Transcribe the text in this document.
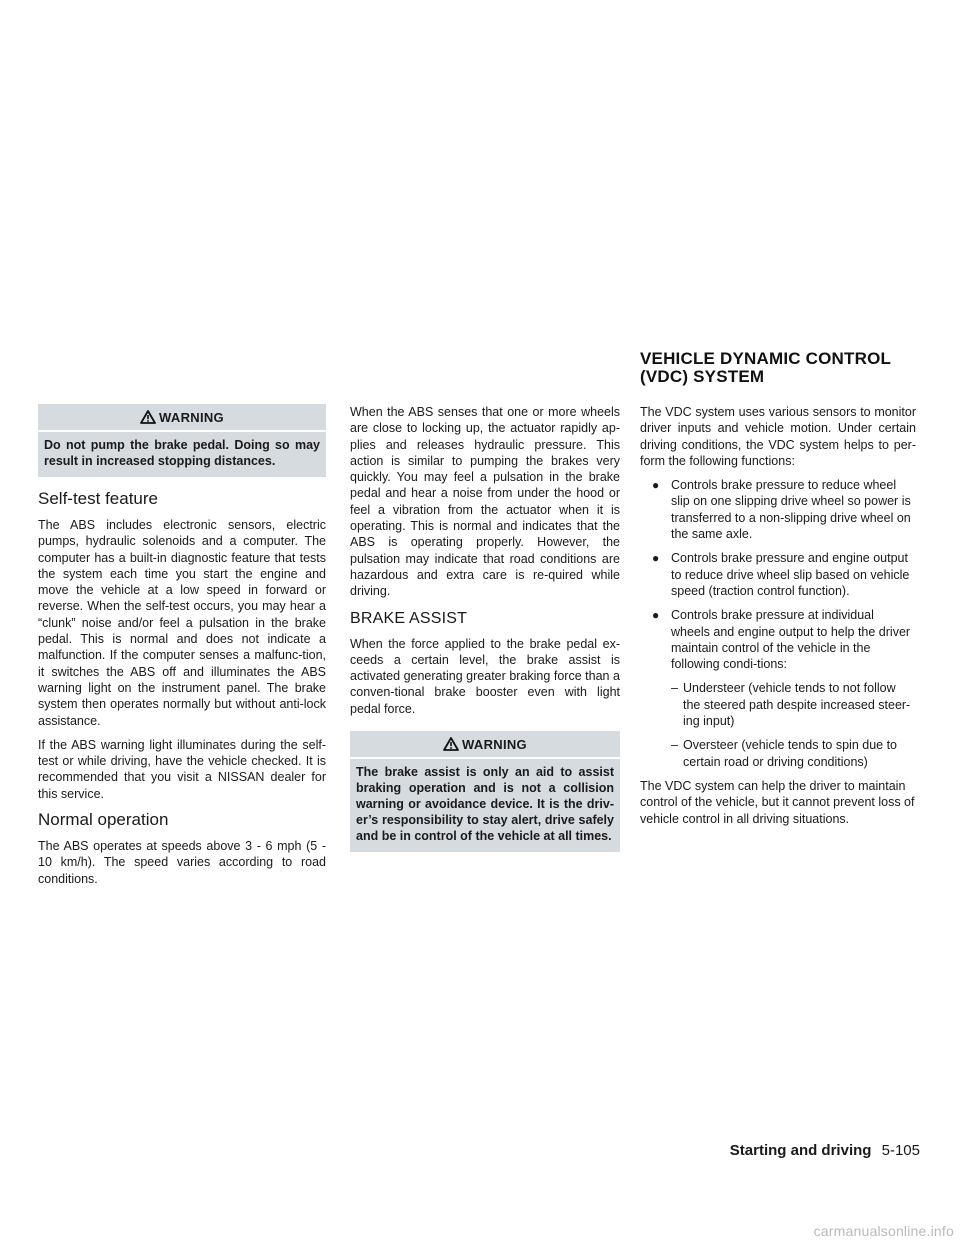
VEHICLE DYNAMIC CONTROL (VDC) SYSTEM
WARNING
Do not pump the brake pedal. Doing so may result in increased stopping distances.
Self-test feature

The ABS includes electronic sensors, electric pumps, hydraulic solenoids and a computer. The computer has a built-in diagnostic feature that tests the system each time you start the engine and move the vehicle at a low speed in forward or reverse. When the self-test occurs, you may hear a “clunk” noise and/or feel a pulsation in the brake pedal. This is normal and does not indicate a malfunction. If the computer senses a malfunc-tion, it switches the ABS off and illuminates the ABS warning light on the instrument panel. The brake system then operates normally but without anti-lock assistance.

If the ABS warning light illuminates during the self-test or while driving, have the vehicle checked. It is recommended that you visit a NISSAN dealer for this service.

Normal operation

The ABS operates at speeds above 3 - 6 mph (5 - 10 km/h). The speed varies according to road conditions.

When the ABS senses that one or more wheels are close to locking up, the actuator rapidly ap-plies and releases hydraulic pressure. This action is similar to pumping the brakes very quickly. You may feel a pulsation in the brake pedal and hear a noise from under the hood or feel a vibration from the actuator when it is operating. This is normal and indicates that the ABS is operating properly. However, the pulsation may indicate that road conditions are hazardous and extra care is re-quired while driving.

BRAKE ASSIST

When the force applied to the brake pedal ex-ceeds a certain level, the brake assist is activated generating greater braking force than a conven-tional brake booster even with light pedal force.

WARNING
The brake assist is only an aid to assist braking operation and is not a collision warning or avoidance device. It is the driv-er’s responsibility to stay alert, drive safely and be in control of the vehicle at all times.

The VDC system uses various sensors to monitor driver inputs and vehicle motion. Under certain driving conditions, the VDC system helps to per-form the following functions:

● Controls brake pressure to reduce wheel slip on one slipping drive wheel so power is transferred to a non-slipping drive wheel on the same axle.
● Controls brake pressure and engine output to reduce drive wheel slip based on vehicle speed (traction control function).
● Controls brake pressure at individual wheels and engine output to help the driver maintain control of the vehicle in the following condi-tions:
– Understeer (vehicle tends to not follow the steered path despite increased steer-ing input)
– Oversteer (vehicle tends to spin due to certain road or driving conditions)

The VDC system can help the driver to maintain control of the vehicle, but it cannot prevent loss of vehicle control in all driving situations.

Starting and driving 5-105
carmanualsonline.info
